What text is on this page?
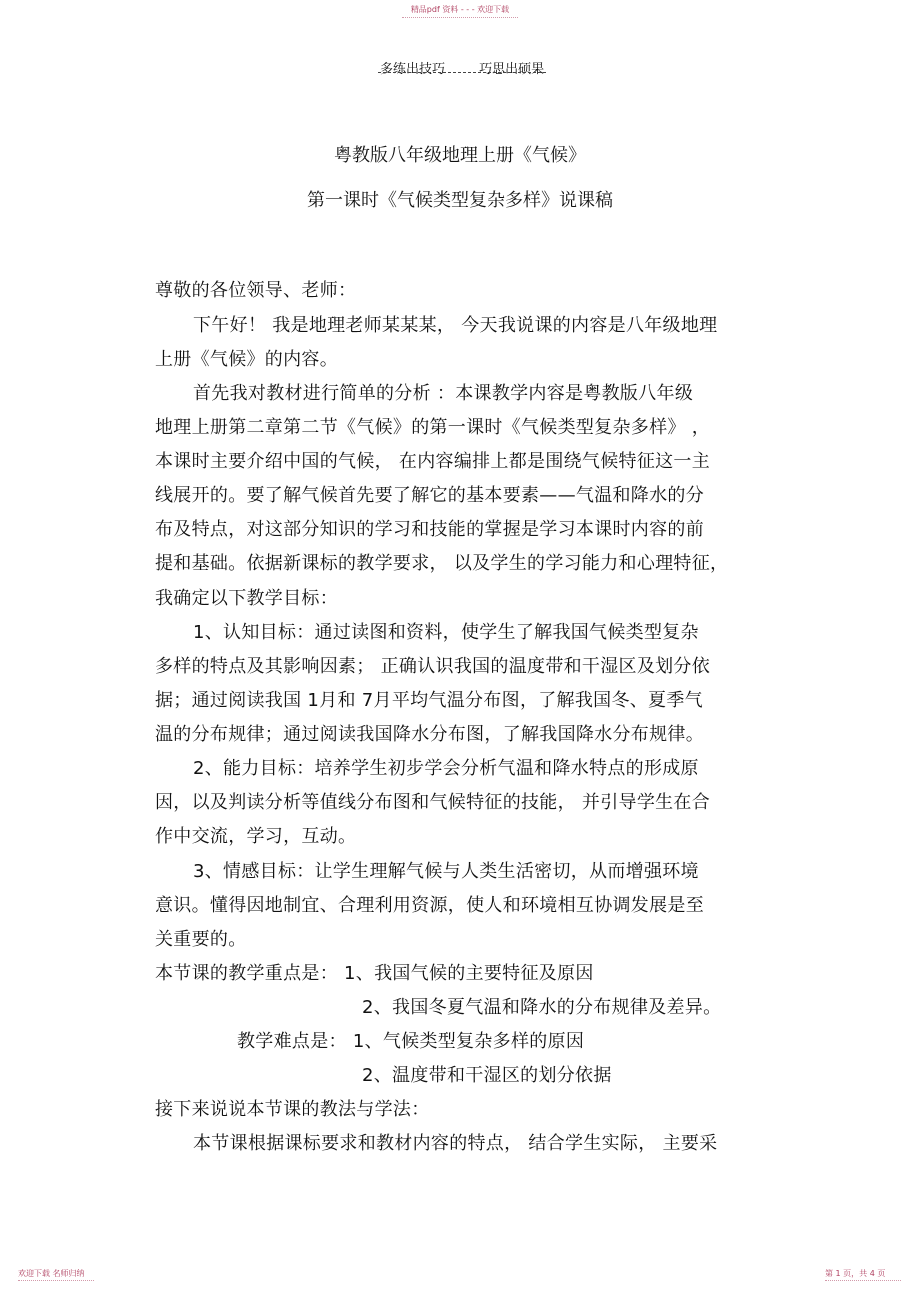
精品pdf 资料 - - - 欢迎下载
多练出技巧	巧思出硕果
粤教版八年级地理上册《气候》
第一课时《气候类型复杂多样》说课稿
尊敬的各位领导、老师：
下午好！ 我是地理老师某某某， 今天我说课的内容是八年级地理
上册《气候》的内容。
首先我对教材进行简单的分析 ：本课教学内容是粤教版八年级
地理上册第二章第二节《气候》的第一课时《气候类型复杂多样》 ，
本课时主要介绍中国的气候， 在内容编排上都是围绕气候特征这一主
线展开的。要了解气候首先要了解它的基本要素——气温和降水的分
布及特点，对这部分知识的学习和技能的掌握是学习本课时内容的前
提和基础。依据新课标的教学要求， 以及学生的学习能力和心理特征，
我确定以下教学目标：
1、认知目标：通过读图和资料，使学生了解我国气候类型复杂
多样的特点及其影响因素； 正确认识我国的温度带和干湿区及划分依
据；通过阅读我国 1月和 7月平均气温分布图，了解我国冬、夏季气
温的分布规律；通过阅读我国降水分布图，了解我国降水分布规律。
2、能力目标：培养学生初步学会分析气温和降水特点的形成原
因，以及判读分析等值线分布图和气候特征的技能， 并引导学生在合
作中交流，学习，互动。
3、情感目标：让学生理解气候与人类生活密切，从而增强环境
意识。懂得因地制宜、合理利用资源，使人和环境相互协调发展是至
关重要的。
本节课的教学重点是： 1、我国气候的主要特征及原因
2、我国冬夏气温和降水的分布规律及差异。
教学难点是： 1、气候类型复杂多样的原因
2、温度带和干湿区的划分依据
接下来说说本节课的教法与学法：
本节课根据课标要求和教材内容的特点， 结合学生实际， 主要采
欢迎下载 名师归纳	第 1 页，共 4 页
